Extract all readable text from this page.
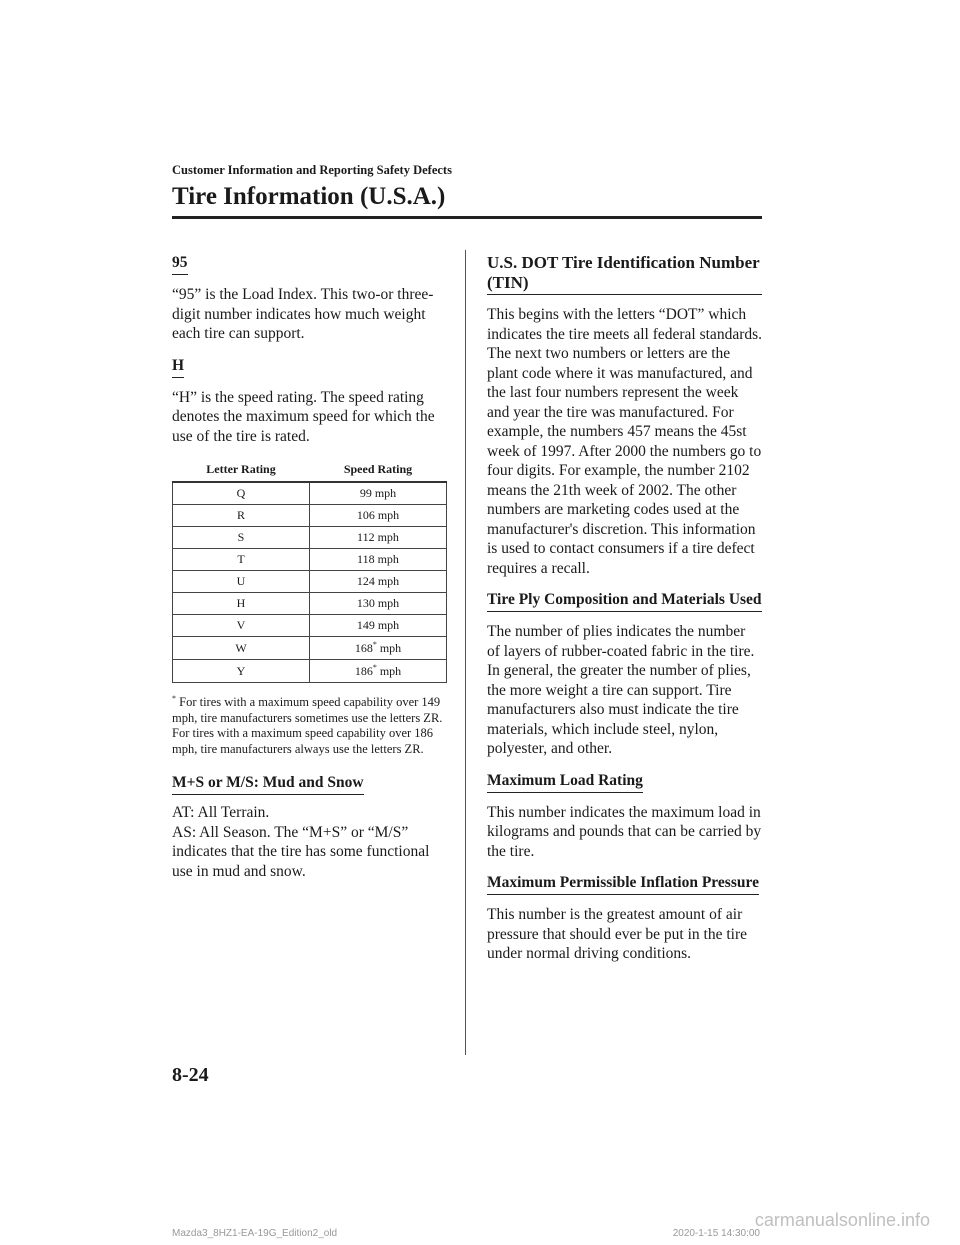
Customer Information and Reporting Safety Defects
Tire Information (U.S.A.)
95

“95” is the Load Index. This two-or three-digit number indicates how much weight each tire can support.

H

“H” is the speed rating. The speed rating denotes the maximum speed for which the use of the tire is rated.

Letter Rating	Speed Rating
Q	99 mph
R	106 mph
S	112 mph
T	118 mph
U	124 mph
H	130 mph
V	149 mph
W	168* mph
Y	186* mph

* For tires with a maximum speed capability over 149 mph, tire manufacturers sometimes use the letters ZR. For tires with a maximum speed capability over 186 mph, tire manufacturers always use the letters ZR.

M+S or M/S: Mud and Snow

AT: All Terrain.
AS: All Season. The “M+S” or “M/S” indicates that the tire has some functional use in mud and snow.

U.S. DOT Tire Identification Number (TIN)

This begins with the letters “DOT” which indicates the tire meets all federal standards. The next two numbers or letters are the plant code where it was manufactured, and the last four numbers represent the week and year the tire was manufactured. For example, the numbers 457 means the 45st week of 1997. After 2000 the numbers go to four digits. For example, the number 2102 means the 21th week of 2002. The other numbers are marketing codes used at the manufacturer's discretion. This information is used to contact consumers if a tire defect requires a recall.

Tire Ply Composition and Materials Used

The number of plies indicates the number of layers of rubber-coated fabric in the tire. In general, the greater the number of plies, the more weight a tire can support. Tire manufacturers also must indicate the tire materials, which include steel, nylon, polyester, and other.

Maximum Load Rating

This number indicates the maximum load in kilograms and pounds that can be carried by the tire.

Maximum Permissible Inflation Pressure

This number is the greatest amount of air pressure that should ever be put in the tire under normal driving conditions.

8-24
Mazda3_8HZ1-EA-19G_Edition2_old	2020-1-15 14:30:00
carmanualsonline.info
